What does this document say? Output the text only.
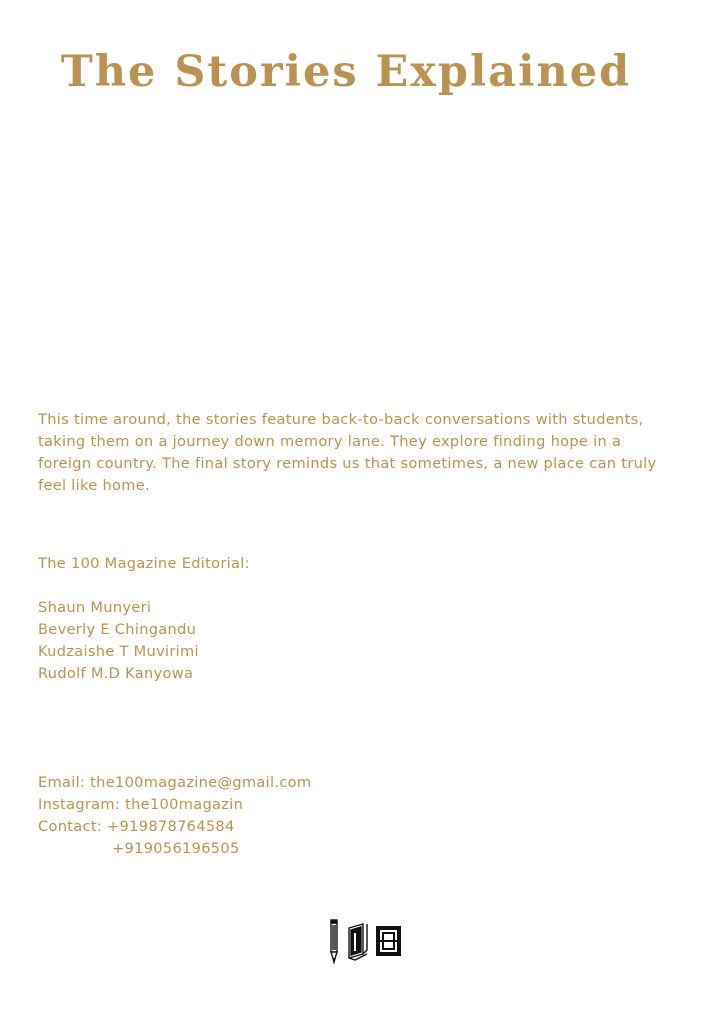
The Stories Explained

This time around, the stories feature back-to-back conversations with students, taking them on a journey down memory lane. They explore finding hope in a foreign country. The final story reminds us that sometimes, a new place can truly feel like home.

The 100 Magazine Editorial:

Shaun Munyeri
Beverly E Chingandu
Kudzaishe T Muvirimi
Rudolf M.D Kanyowa
Email: the100magazine@gmail.com
Instagram: the100magazin
Contact: +919878764584
+919056196505
